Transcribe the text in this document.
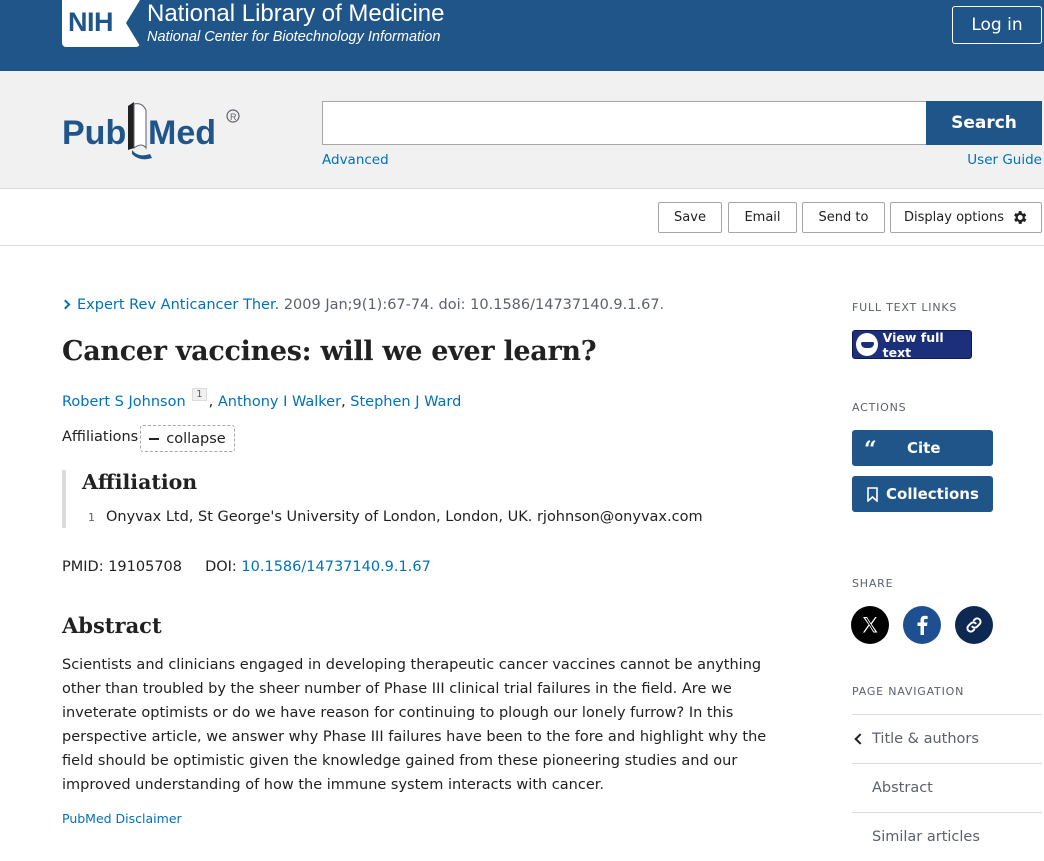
NIH National Library of Medicine
National Center for Biotechnology Information
Log in
Pub Med R	Search
Advanced	User Guide
Save	Email	Send to	Display options
Expert Rev Anticancer Ther. 2009 Jan;9(1):67-74. doi: 10.1586/14737140.9.1.67.
Cancer vaccines: will we ever learn?
Robert S Johnson $^1$ , Anthony I Walker, Stephen J Ward
Affiliations collapse
Affiliation
1 Onyvax Ltd, St George's University of London, London, UK. rjohnson@onyvax.com
PMID: 19105708 DOI: 10.1586/14737140.9.1.67
Abstract

Scientists and clinicians engaged in developing therapeutic cancer vaccines cannot be anything other than troubled by the sheer number of Phase III clinical trial failures in the field. Are we inveterate optimists or do we have reason for continuing to plough our lonely furrow? In this perspective article, we answer why Phase III failures have been to the fore and highlight why the field should be optimistic given the knowledge gained from these pioneering studies and our improved understanding of how the immune system interacts with cancer.

PubMed Disclaimer
FULL TEXT LINKS
View full text
ACTIONS
“	Cite
Collections
SHARE
PAGE NAVIGATION
Title & authors
Abstract
Similar articles
